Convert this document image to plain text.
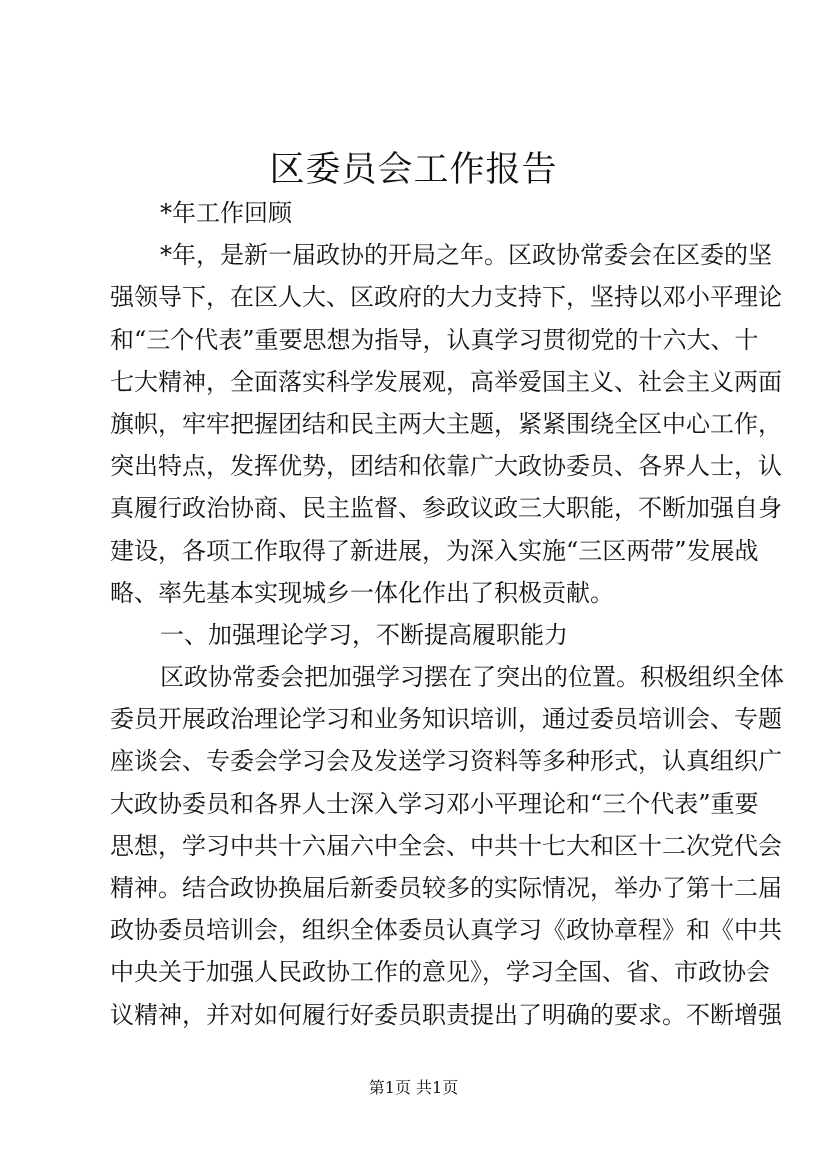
区委员会工作报告
*年工作回顾
*年，是新一届政协的开局之年。区政协常委会在区委的坚
强领导下，在区人大、区政府的大力支持下，坚持以邓小平理论
和“三个代表”重要思想为指导，认真学习贯彻党的十六大、十
七大精神，全面落实科学发展观，高举爱国主义、社会主义两面
旗帜，牢牢把握团结和民主两大主题，紧紧围绕全区中心工作，
突出特点，发挥优势，团结和依靠广大政协委员、各界人士，认
真履行政治协商、民主监督、参政议政三大职能，不断加强自身
建设，各项工作取得了新进展，为深入实施“三区两带”发展战
略、率先基本实现城乡一体化作出了积极贡献。
一、加强理论学习，不断提高履职能力
区政协常委会把加强学习摆在了突出的位置。积极组织全体
委员开展政治理论学习和业务知识培训，通过委员培训会、专题
座谈会、专委会学习会及发送学习资料等多种形式，认真组织广
大政协委员和各界人士深入学习邓小平理论和“三个代表”重要
思想，学习中共十六届六中全会、中共十七大和区十二次党代会
精神。结合政协换届后新委员较多的实际情况，举办了第十二届
政协委员培训会，组织全体委员认真学习《政协章程》和《中共
中央关于加强人民政协工作的意见》，学习全国、省、市政协会
议精神，并对如何履行好委员职责提出了明确的要求。不断增强
第1页 共1页
